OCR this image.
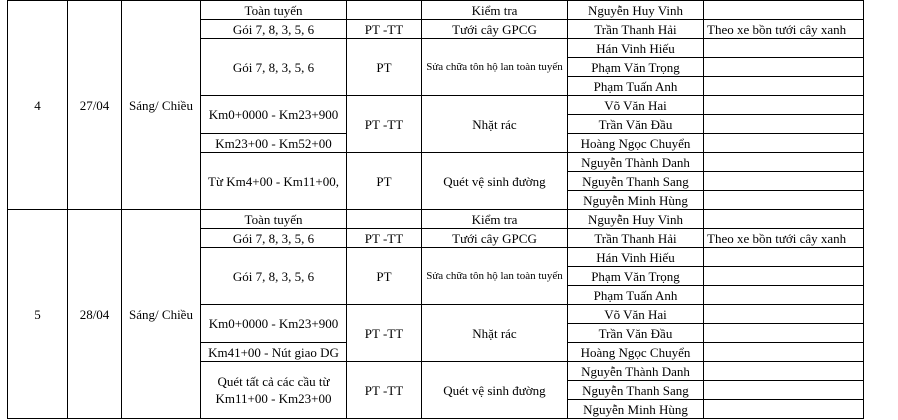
4	27/04	Sáng/ Chiều	Toàn tuyến		Kiểm tra	Nguyễn Huy Vinh	
			Gói 7, 8, 3, 5, 6	PT -TT	Tưới cây GPCG	Trần Thanh Hải	Theo xe bồn tưới cây xanh
			Gói 7, 8, 3, 5, 6	PT	Sửa chữa tôn hộ lan toàn tuyến	Hán Vinh Hiếu	
						Phạm Văn Trọng	
						Phạm Tuấn Anh	
			Km0+0000 - Km23+900	PT -TT	Nhặt rác	Võ Văn Hai	
						Trần Văn Đầu	
			Km23+00 - Km52+00			Hoàng Ngọc Chuyển	
			Từ Km4+00 - Km11+00,	PT	Quét vệ sinh đường	Nguyễn Thành Danh	
						Nguyễn Thanh Sang	
						Nguyễn Minh Hùng	
5	28/04	Sáng/ Chiều	Toàn tuyến		Kiểm tra	Nguyễn Huy Vinh	
			Gói 7, 8, 3, 5, 6	PT -TT	Tưới cây GPCG	Trần Thanh Hải	Theo xe bồn tưới cây xanh
			Gói 7, 8, 3, 5, 6	PT	Sửa chữa tôn hộ lan toàn tuyến	Hán Vinh Hiếu	
						Phạm Văn Trọng	
						Phạm Tuấn Anh	
			Km0+0000 - Km23+900	PT -TT	Nhặt rác	Võ Văn Hai	
						Trần Văn Đầu	
			Km41+00 - Nút giao DG			Hoàng Ngọc Chuyển	
			Quét tất cả các cầu từ Km11+00 - Km23+00	PT -TT	Quét vệ sinh đường	Nguyễn Thành Danh	
						Nguyễn Thanh Sang	
						Nguyễn Minh Hùng	
